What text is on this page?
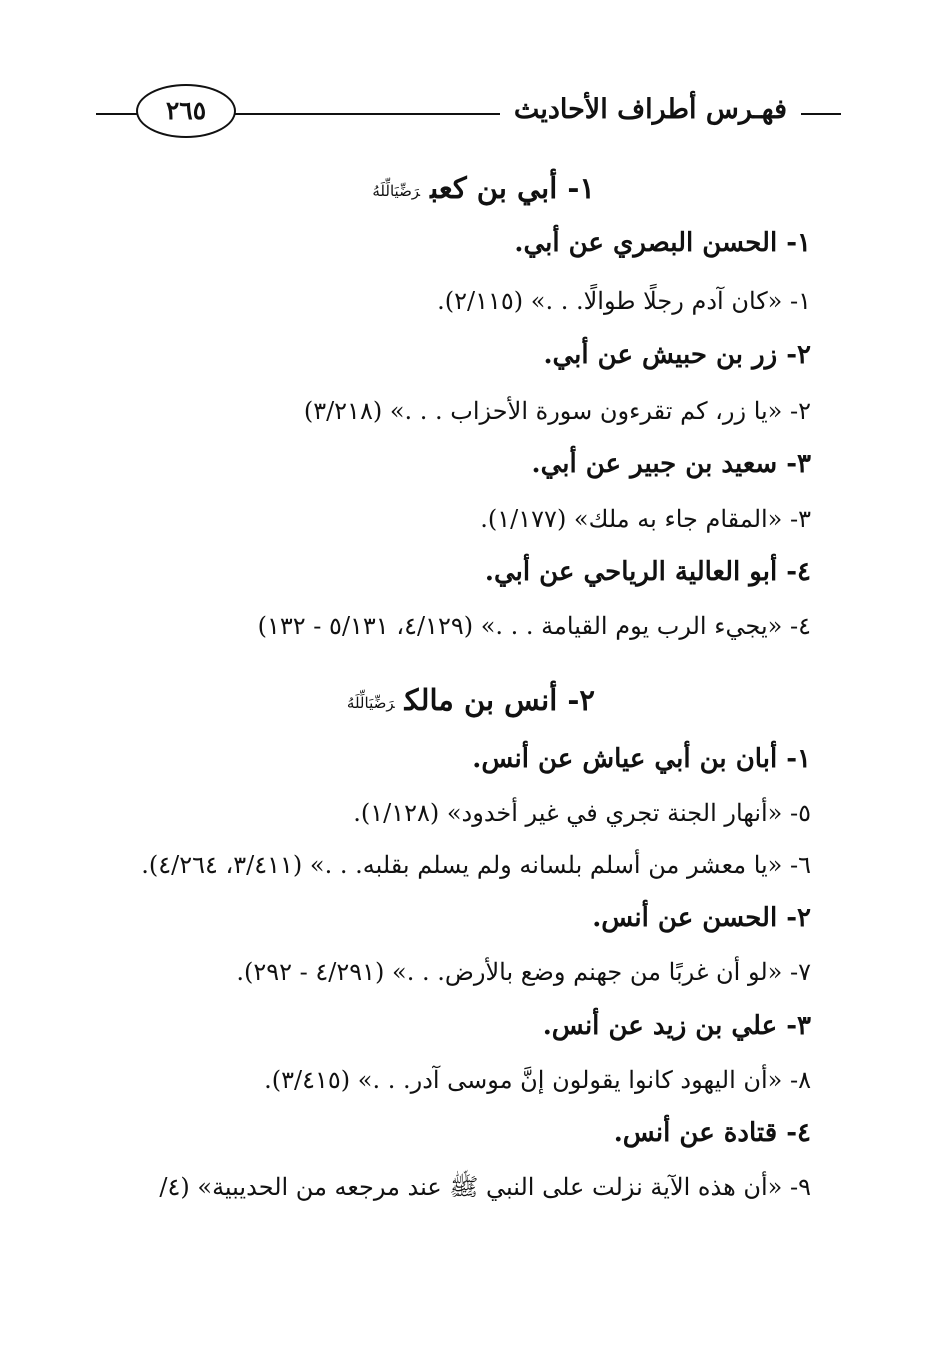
فهـرس أطراف الأحاديث
٢٦٥
١- أبي بن كعبرَضِّيَالِّلَهُ
١- الحسن البصري عن أبي.
١- «كان آدم رجلًا طوالًا. . .» (٢/١١٥).
٢- زر بن حبيش عن أبي.
٢- «يا زر، كم تقرءون سورة الأحزاب . . .» (٣/٢١٨)
٣- سعيد بن جبير عن أبي.
٣- «المقام جاء به ملك» (١/١٧٧).
٤- أبو العالية الرياحي عن أبي.
٤- «يجيء الرب يوم القيامة . . .» (٤/١٢٩، ٥/١٣١ - ١٣٢)
٢- أنس بن مالكرَضِّيَالِّلَهُ
١- أبان بن أبي عياش عن أنس.
٥- «أنهار الجنة تجري في غير أخدود» (١/١٢٨).
٦- «يا معشر من أسلم بلسانه ولم يسلم بقلبه. . .» (٣/٤١١، ٤/٢٦٤).
٢- الحسن عن أنس.
٧- «لو أن غربًا من جهنم وضع بالأرض. . .» (٤/٢٩١ - ٢٩٢).
٣- علي بن زيد عن أنس.
٨- «أن اليهود كانوا يقولون إنَّ موسى آدر. . .» (٣/٤١٥).
٤- قتادة عن أنس.
٩- «أن هذه الآية نزلت على النبي ﷺ عند مرجعه من الحديبية» (٤/
